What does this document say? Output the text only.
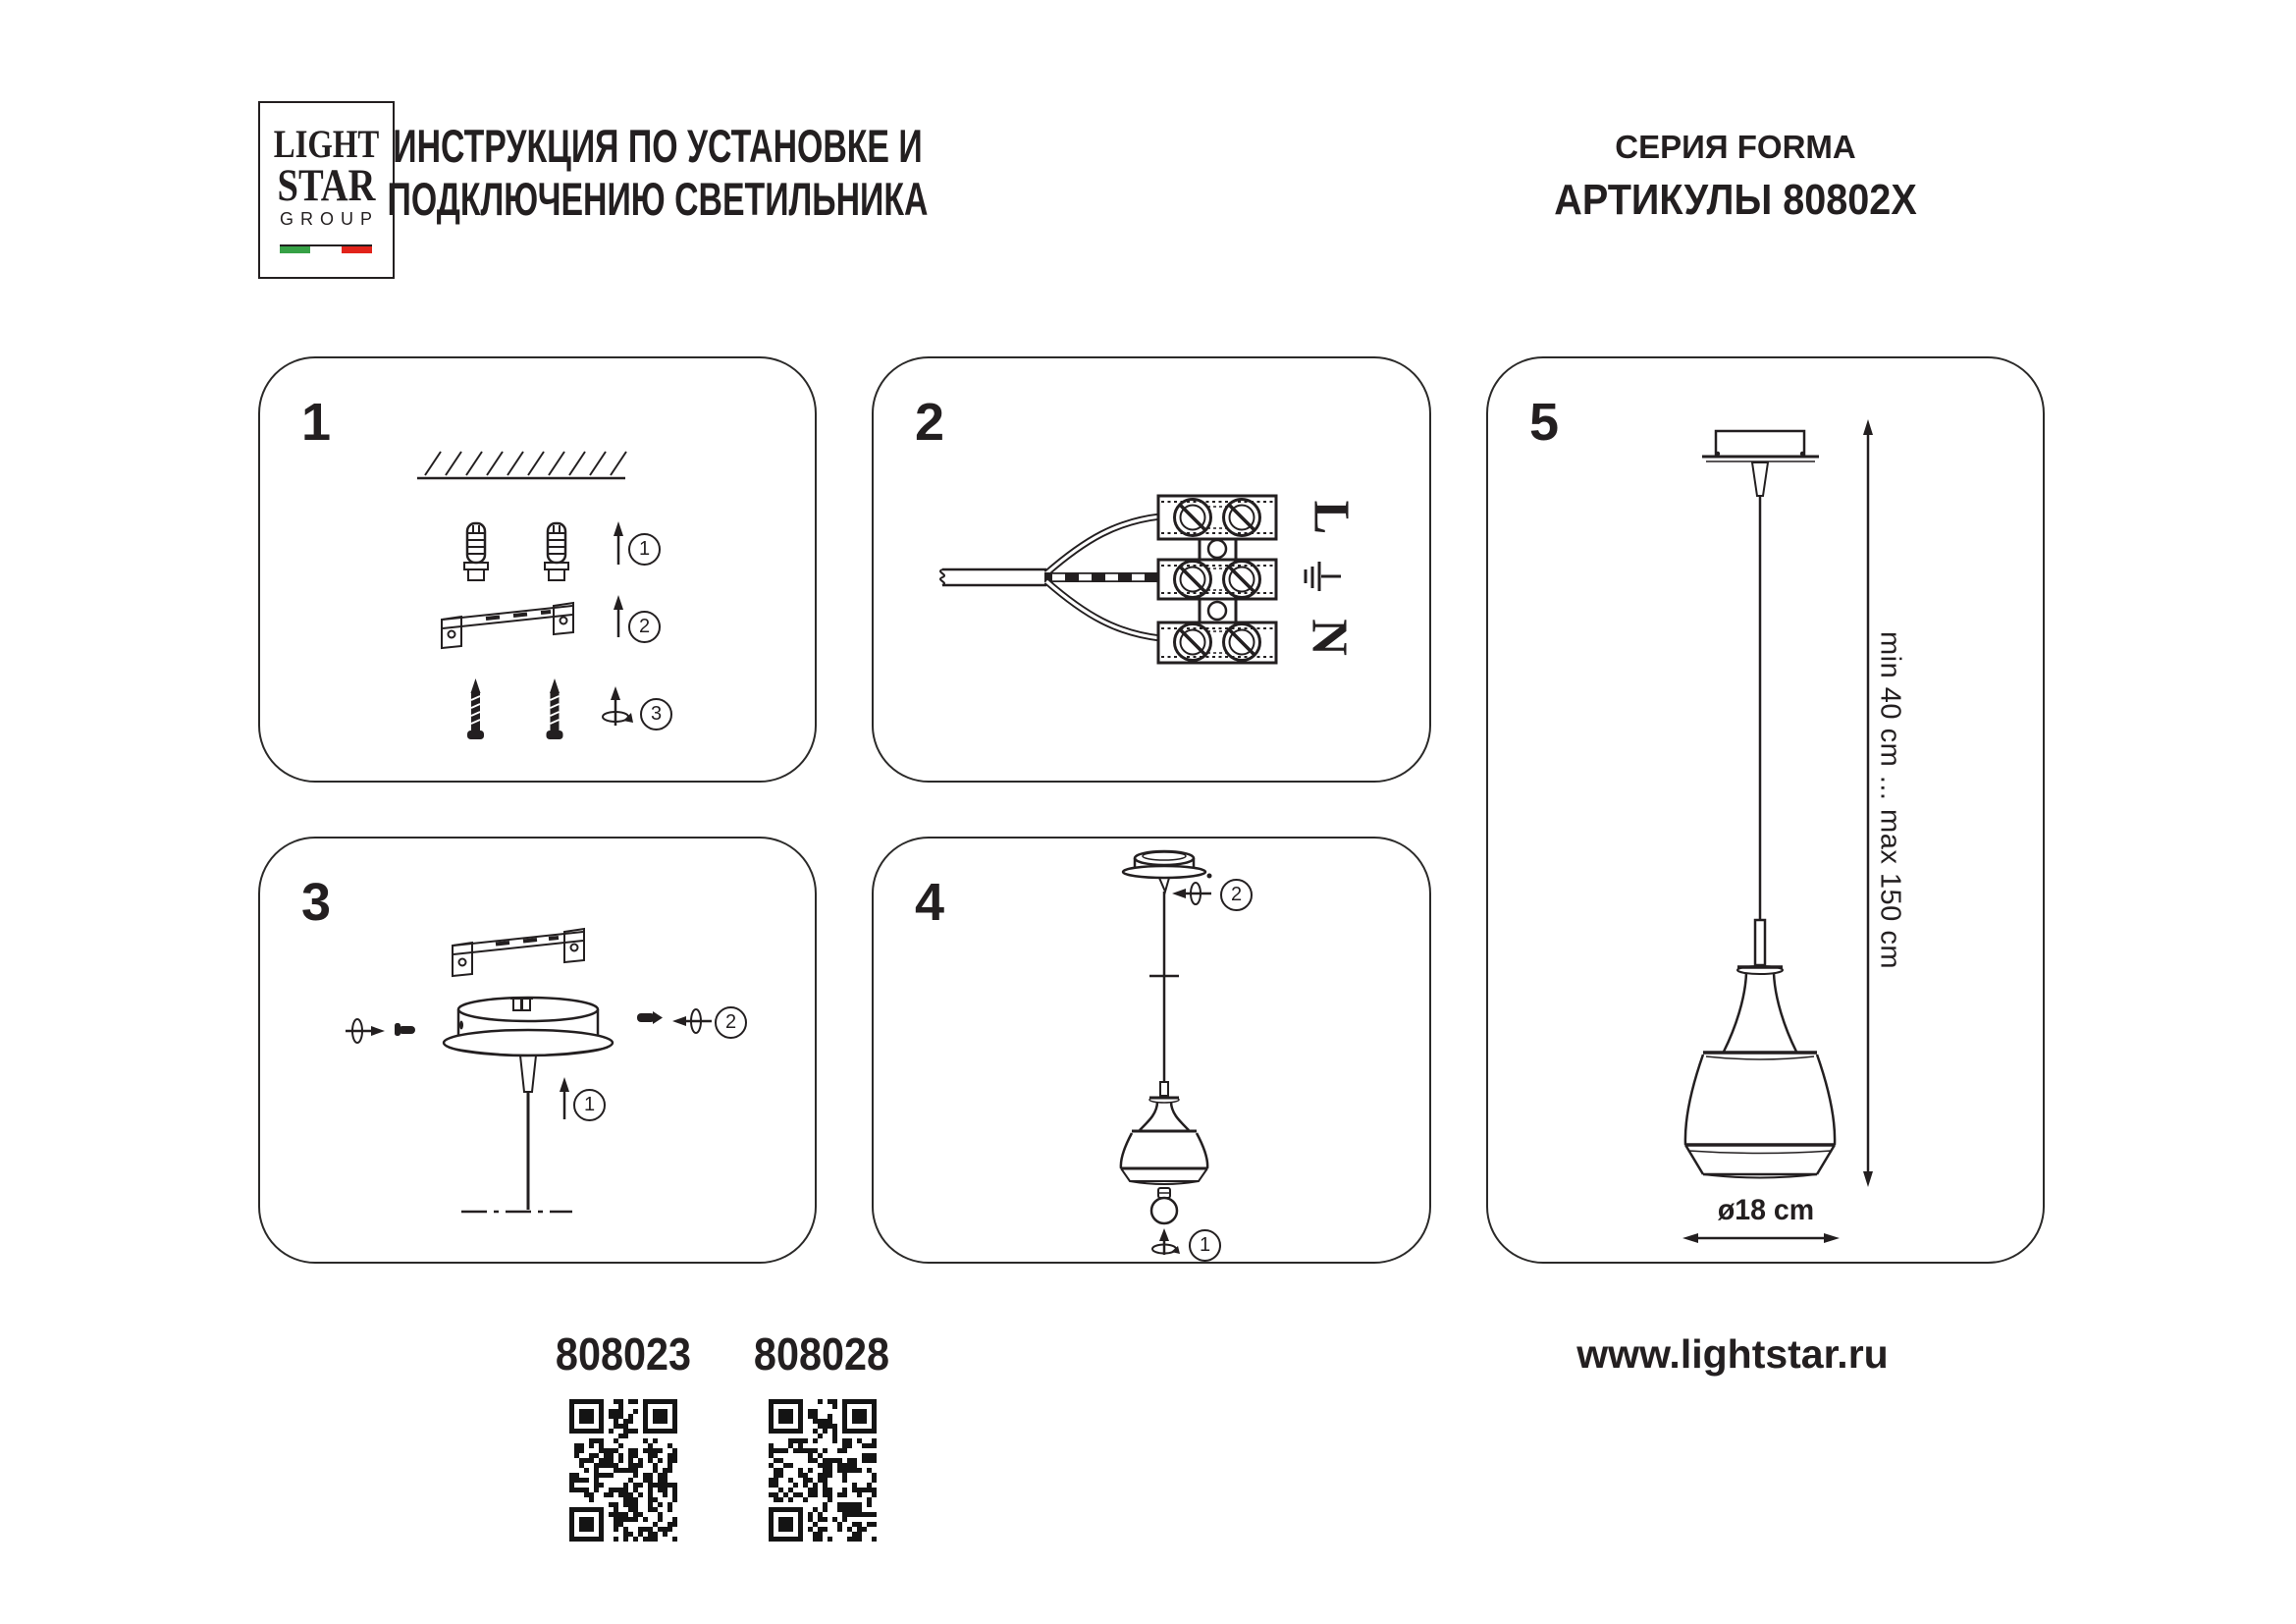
LIGHT
STAR
GROUP
ИНСТРУКЦИЯ ПО УСТАНОВКЕ И
ПОДКЛЮЧЕНИЮ СВЕТИЛЬНИКА
СЕРИЯ FORMA
АРТИКУЛЫ 80802X
1
1
2
3
2
L
N
3
1
2
4	2
1
5
min 40 cm ... max 150 cm
ø18 cm
808023	808028	www.lightstar.ru
